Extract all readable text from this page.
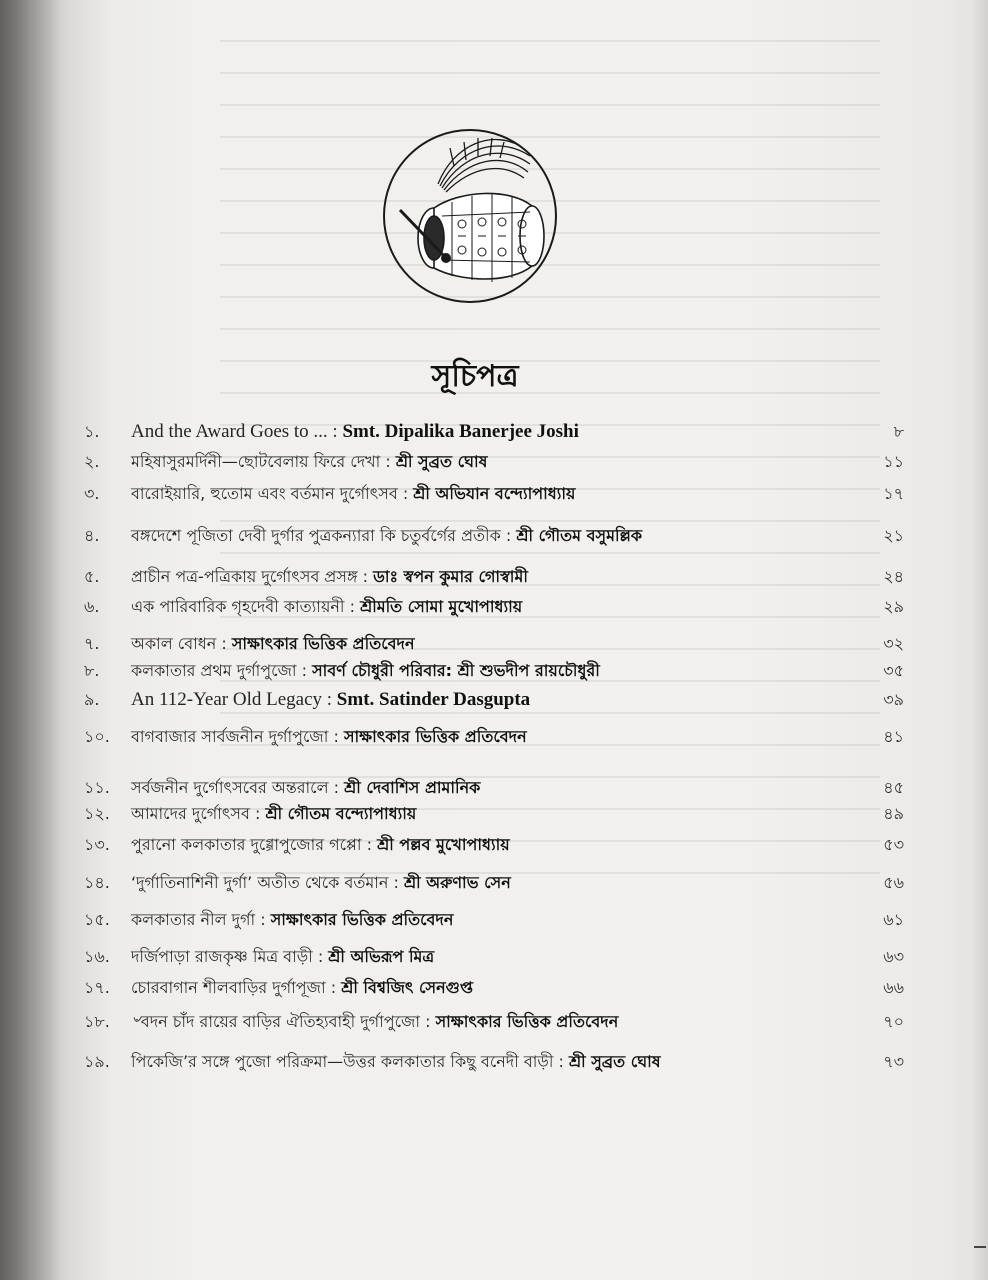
সূচিপত্র
১.	And the Award Goes to ... : Smt. Dipalika Banerjee Joshi	৮
২.	মহিষাসুরমর্দিনী—ছোটবেলায় ফিরে দেখা : শ্রী সুব্রত ঘোষ	১১
৩.	বারোইয়ারি, হুতোম এবং বর্তমান দুর্গোৎসব : শ্রী অভিযান বন্দ্যোপাধ্যায়	১৭
৪.	বঙ্গদেশে পূজিতা দেবী দুর্গার পুত্রকন্যারা কি চতুর্বর্গের প্রতীক : শ্রী গৌতম বসুমল্লিক	২১
৫.	প্রাচীন পত্র-পত্রিকায় দুর্গোৎসব প্রসঙ্গ : ডাঃ স্বপন কুমার গোস্বামী	২৪
৬.	এক পারিবারিক গৃহদেবী কাত্যায়নী : শ্রীমতি সোমা মুখোপাধ্যায়	২৯
৭.	অকাল বোধন : সাক্ষাৎকার ভিত্তিক প্রতিবেদন	৩২
৮.	কলকাতার প্রথম দুর্গাপুজো : সাবর্ণ চৌধুরী পরিবার: শ্রী শুভদীপ রায়চৌধুরী	৩৫
৯.	An 112-Year Old Legacy : Smt. Satinder Dasgupta	৩৯
১০.	বাগবাজার সার্বজনীন দুর্গাপুজো : সাক্ষাৎকার ভিত্তিক প্রতিবেদন	৪১
১১.	সর্বজনীন দুর্গোৎসবের অন্তরালে : শ্রী দেবাশিস প্রামানিক	৪৫
১২.	আমাদের দুর্গোৎসব : শ্রী গৌতম বন্দ্যোপাধ্যায়	৪৯
১৩.	পুরানো কলকাতার দুগ্গোপুজোর গপ্পো : শ্রী পল্লব মুখোপাধ্যায়	৫৩
১৪.	‘দুর্গাতিনাশিনী দুর্গা’ অতীত থেকে বর্তমান : শ্রী অরুণাভ সেন	৫৬
১৫.	কলকাতার নীল দুর্গা : সাক্ষাৎকার ভিত্তিক প্রতিবেদন	৬১
১৬.	দর্জিপাড়া রাজকৃষ্ণ মিত্র বাড়ী : শ্রী অভিরূপ মিত্র	৬৩
১৭.	চোরবাগান শীলবাড়ির দুর্গাপূজা : শ্রী বিশ্বজিৎ সেনগুপ্ত	৬৬
১৮.	৺বদন চাঁদ রায়ের বাড়ির ঐতিহ্যবাহী দুর্গাপুজো : সাক্ষাৎকার ভিত্তিক প্রতিবেদন	৭০
১৯.	পিকেজি’র সঙ্গে পুজো পরিক্রমা—উত্তর কলকাতার কিছু বনেদী বাড়ী : শ্রী সুব্রত ঘোষ	৭৩
